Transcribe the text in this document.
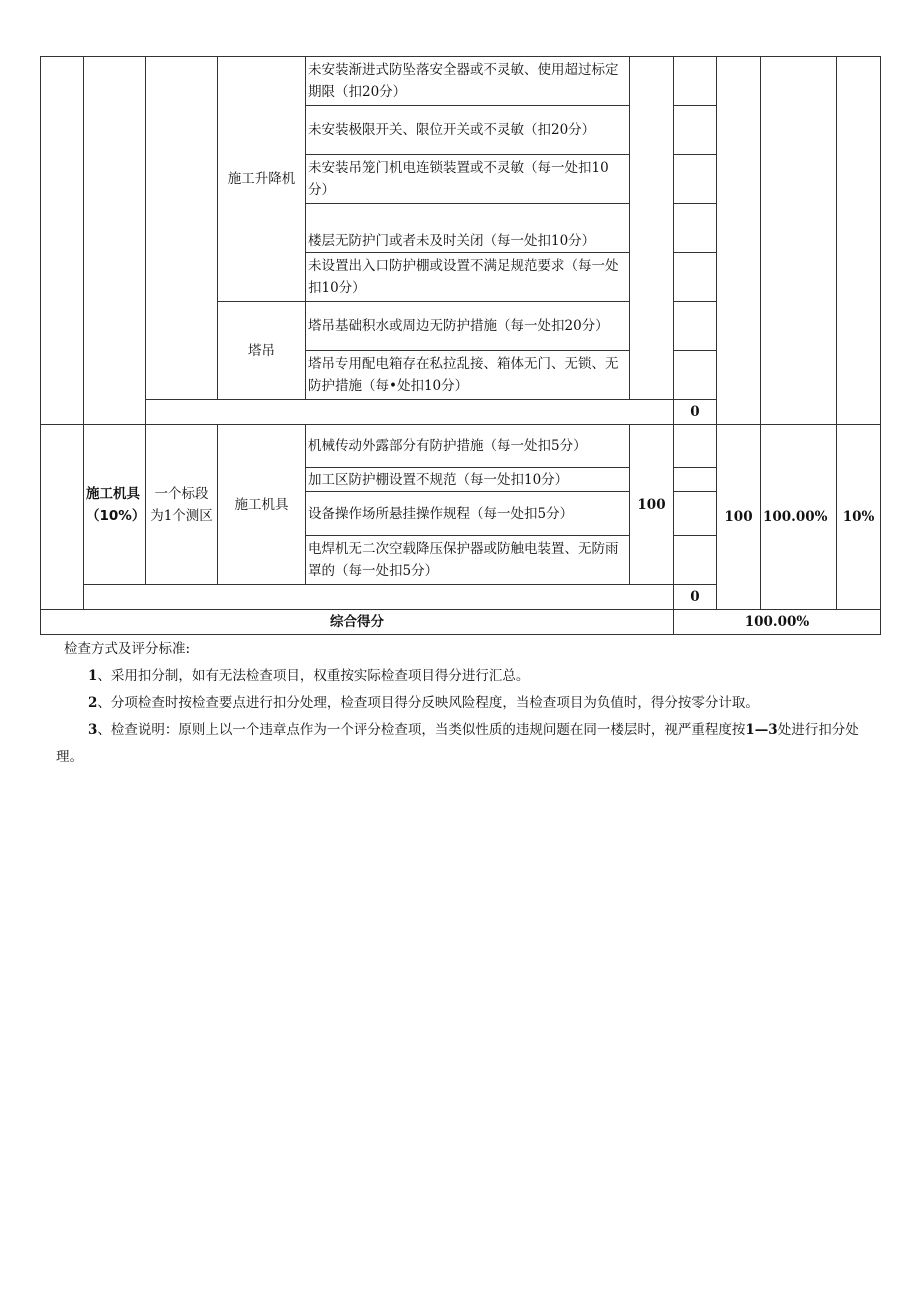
			施工升降机	未安装渐进式防坠落安全器或不灵敏、使用超过标定期限（扣20分）					
				未安装极限开关、限位开关或不灵敏（扣20分）					
				未安装吊笼门机电连锁装置或不灵敏（每一处扣10分）					
				楼层无防护门或者未及时关闭（每一处扣10分）					
				未设置出入口防护棚或设置不满足规范要求（每一处扣10分）					
			塔吊	塔吊基础积水或周边无防护措施（每一处扣20分）					
				塔吊专用配电箱存在私拉乱接、箱体无门、无锁、无防护措施（每•处扣10分）					
						0			
	施工机具（10%）	一个标段为1个测区	施工机具	机械传动外露部分有防护措施（每一处扣5分）	100		100	100.00%	10%
				加工区防护棚设置不规范（每一处扣10分）					
				设备操作场所悬挂操作规程（每一处扣5分）					
				电焊机无二次空载降压保护器或防触电装置、无防雨罩的（每一处扣5分）					
						0			
综合得分						100.00%			

检查方式及评分标准:

1、采用扣分制，如有无法检查项目，权重按实际检查项目得分进行汇总。

2、分项检查时按检查要点进行扣分处理，检查项目得分反映风险程度，当检查项目为负值时，得分按零分计取。

3、检查说明：原则上以一个违章点作为一个评分检查项，当类似性质的违规问题在同一楼层时，视严重程度按1—3处进行扣分处理。
